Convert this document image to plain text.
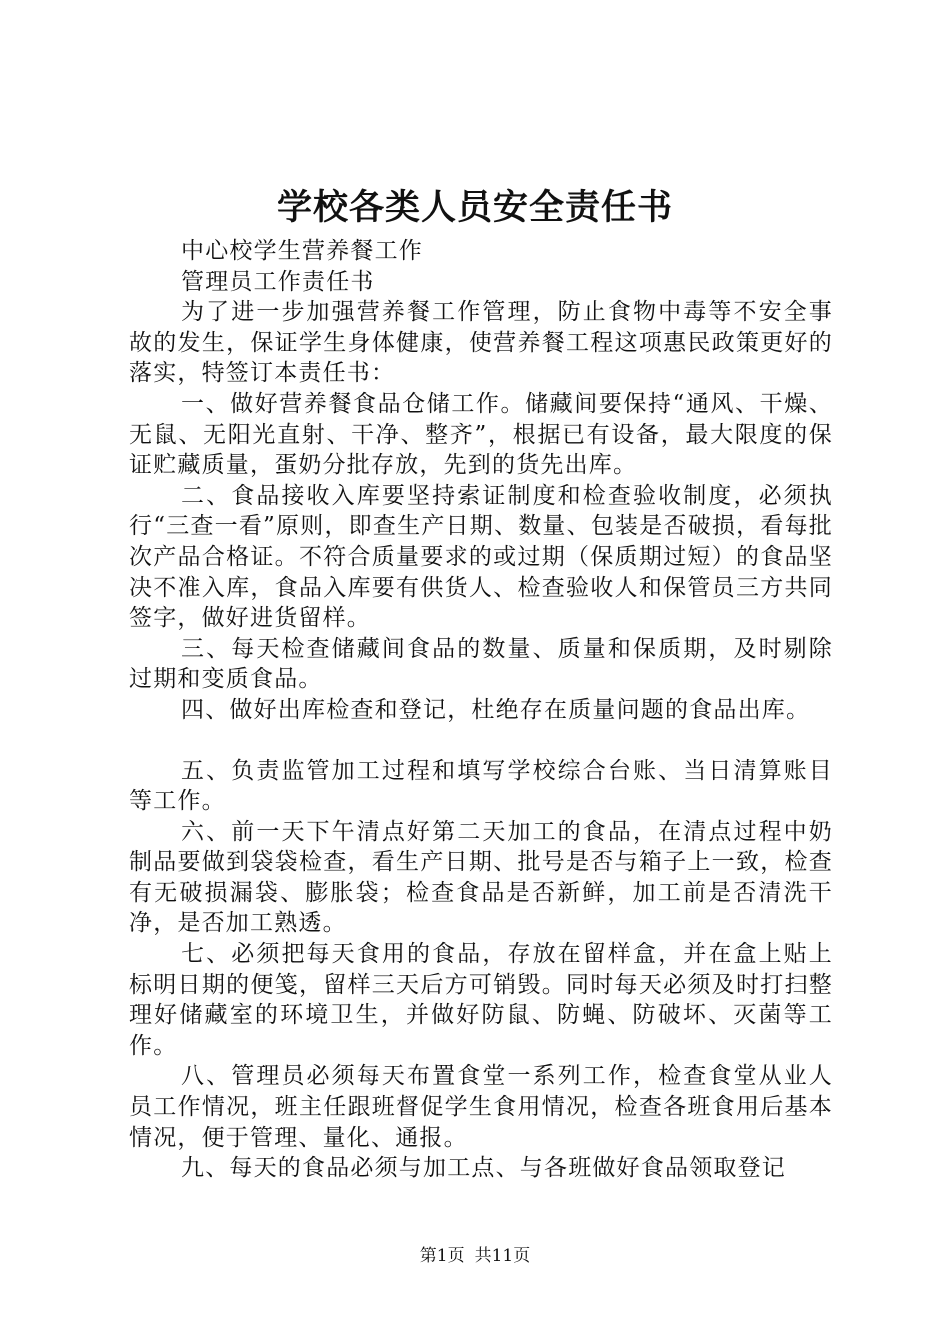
学校各类人员安全责任书

中心校学生营养餐工作

管理员工作责任书

为了进一步加强营养餐工作管理，防止食物中毒等不安全事故的发生，保证学生身体健康，使营养餐工程这项惠民政策更好的落实，特签订本责任书：

一、做好营养餐食品仓储工作。储藏间要保持“通风、干燥、无鼠、无阳光直射、干净、整齐”，根据已有设备，最大限度的保证贮藏质量，蛋奶分批存放，先到的货先出库。

二、食品接收入库要坚持索证制度和检查验收制度，必须执行“三查一看”原则，即查生产日期、数量、包装是否破损，看每批次产品合格证。不符合质量要求的或过期（保质期过短）的食品坚决不准入库，食品入库要有供货人、检查验收人和保管员三方共同签字，做好进货留样。

三、每天检查储藏间食品的数量、质量和保质期，及时剔除过期和变质食品。

四、做好出库检查和登记，杜绝存在质量问题的食品出库。

五、负责监管加工过程和填写学校综合台账、当日清算账目等工作。

六、前一天下午清点好第二天加工的食品，在清点过程中奶制品要做到袋袋检查，看生产日期、批号是否与箱子上一致，检查有无破损漏袋、膨胀袋；检查食品是否新鲜，加工前是否清洗干净，是否加工熟透。

七、必须把每天食用的食品，存放在留样盒，并在盒上贴上标明日期的便笺，留样三天后方可销毁。同时每天必须及时打扫整理好储藏室的环境卫生，并做好防鼠、防蝇、防破坏、灭菌等工作。

八、管理员必须每天布置食堂一系列工作，检查食堂从业人员工作情况，班主任跟班督促学生食用情况，检查各班食用后基本情况，便于管理、量化、通报。

九、每天的食品必须与加工点、与各班做好食品领取登记

第1页 共11页
